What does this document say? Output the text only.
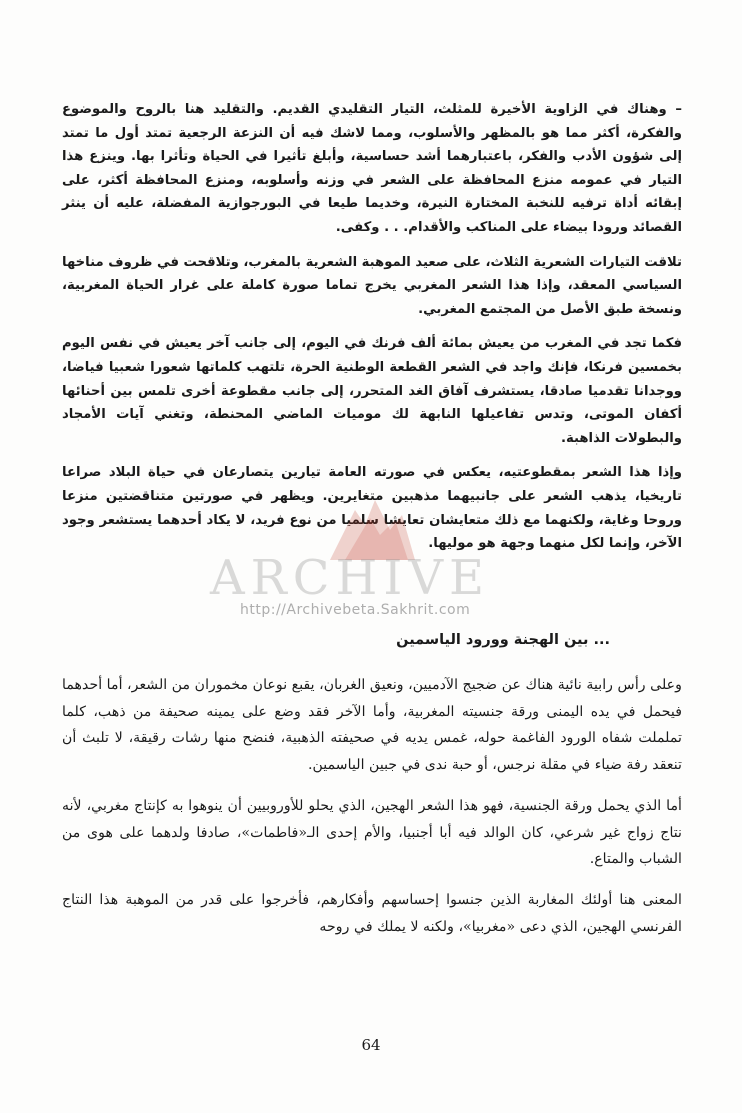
– وهناك في الزاوية الأخيرة للمثلث، التيار التقليدي القديم. والتقليد هنا بالروح والموضوع والفكرة، أكثر مما هو بالمظهر والأسلوب، ومما لاشك فيه أن النزعة الرجعية تمتد أول ما تمتد إلى شؤون الأدب والفكر، باعتبارهما أشد حساسية، وأبلغ تأثيرا في الحياة وتأثرا بها. وينزع هذا التيار في عمومه منزع المحافظة على الشعر في وزنه وأسلوبه، ومنزع المحافظة أكثر، على إبقائه أداة ترفيه للنخبة المختارة النيرة، وخديما طيعا في البورجوازية المفضلة، عليه أن ينثر القصائد ورودا بيضاء على المناكب والأقدام. . . وكفى.

تلاقت التيارات الشعرية الثلاث، على صعيد الموهبة الشعرية بالمغرب، وتلاقحت في ظروف مناخها السياسي المعقد، وإذا هذا الشعر المغربي يخرج تماما صورة كاملة على غرار الحياة المغربية، ونسخة طبق الأصل من المجتمع المغربي.

فكما تجد في المغرب من يعيش بمائة ألف فرنك في اليوم، إلى جانب آخر يعيش في نفس اليوم بخمسين فرنكا، فإنك واجد في الشعر القطعة الوطنية الحرة، تلتهب كلماتها شعورا شعبيا فياضا، ووجدانا تقدميا صادقا، يستشرف آفاق الغد المتحرر، إلى جانب مقطوعة أخرى تلمس بين أحنائها أكفان الموتى، وتدس تفاعيلها النابهة لك موميات الماضي المحنطة، وتغني آيات الأمجاد والبطولات الذاهبة.

وإذا هذا الشعر بمقطوعتيه، يعكس في صورته العامة تيارين يتصارعان في حياة البلاد صراعا تاريخيا، يذهب الشعر على جانبيهما مذهبين متغايرين. ويظهر في صورتين متناقضتين منزعا وروحا وغاية، ولكنهما مع ذلك متعايشان تعايشا سلميا من نوع فريد، لا يكاد أحدهما يستشعر وجود الآخر، وإنما لكل منهما وجهة هو موليها.

ARCHIVE
http://Archivebeta.Sakhrit.com
... بين الهجنة وورود الياسمين

وعلى رأس رابية نائية هناك عن ضجيج الآدميين، ونعيق الغربان، يقبع نوعان مخموران من الشعر، أما أحدهما فيحمل في يده اليمنى ورقة جنسيته المغربية، وأما الآخر فقد وضع على يمينه صحيفة من ذهب، كلما تململت شفاه الورود الفاغمة حوله، غمس يديه في صحيفته الذهبية، فنضح منها رشات رقيقة، لا تلبث أن تنعقد رفة ضياء في مقلة نرجس، أو حبة ندى في جبين الياسمين.

أما الذي يحمل ورقة الجنسية، فهو هذا الشعر الهجين، الذي يحلو للأوروبيين أن ينوهوا به كإنتاج مغربي، لأنه نتاج زواج غير شرعي، كان الوالد فيه أبا أجنبيا، والأم إحدى الـ«فاطمات»، صادفا ولدهما على هوى من الشباب والمتاع.

المعنى هنا أولئك المغاربة الذين جنسوا إحساسهم وأفكارهم، فأخرجوا على قدر من الموهبة هذا النتاج الفرنسي الهجين، الذي دعى «مغربيا»، ولكنه لا يملك في روحه

64
